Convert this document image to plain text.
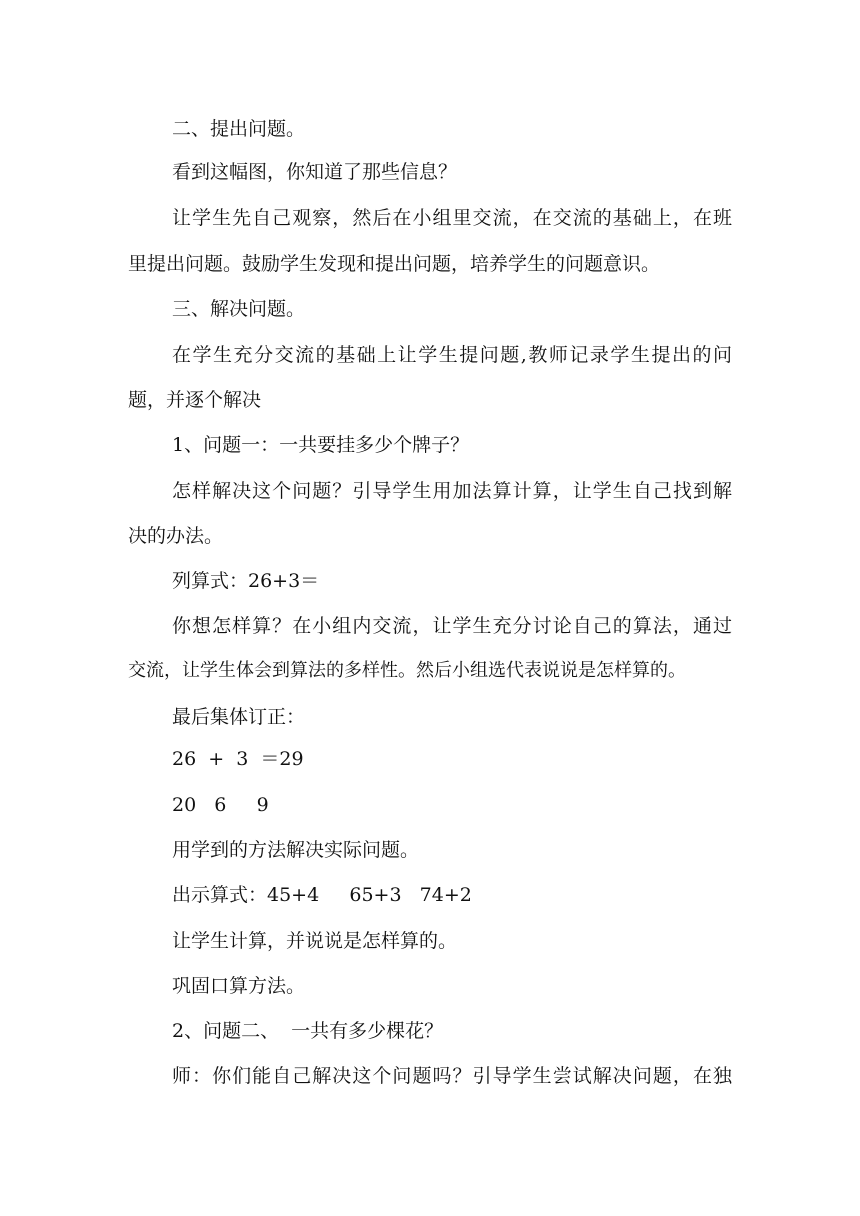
二、提出问题。
看到这幅图，你知道了那些信息？
让学生先自己观察，然后在小组里交流，在交流的基础上，在班
里提出问题。鼓励学生发现和提出问题，培养学生的问题意识。
三、解决问题。
在学生充分交流的基础上让学生提问题,教师记录学生提出的问
题，并逐个解决
1、问题一：一共要挂多少个牌子？
怎样解决这个问题？引导学生用加法算计算，让学生自己找到解
决的办法。
列算式：26+3＝
你想怎样算？在小组内交流，让学生充分讨论自己的算法，通过
交流，让学生体会到算法的多样性。然后小组选代表说说是怎样算的。
最后集体订正：
26  +  3  ＝29
20   6     9
用学到的方法解决实际问题。
出示算式：45+4     65+3   74+2
让学生计算，并说说是怎样算的。
巩固口算方法。
2、问题二、  一共有多少棵花？
师：你们能自己解决这个问题吗？引导学生尝试解决问题，在独
